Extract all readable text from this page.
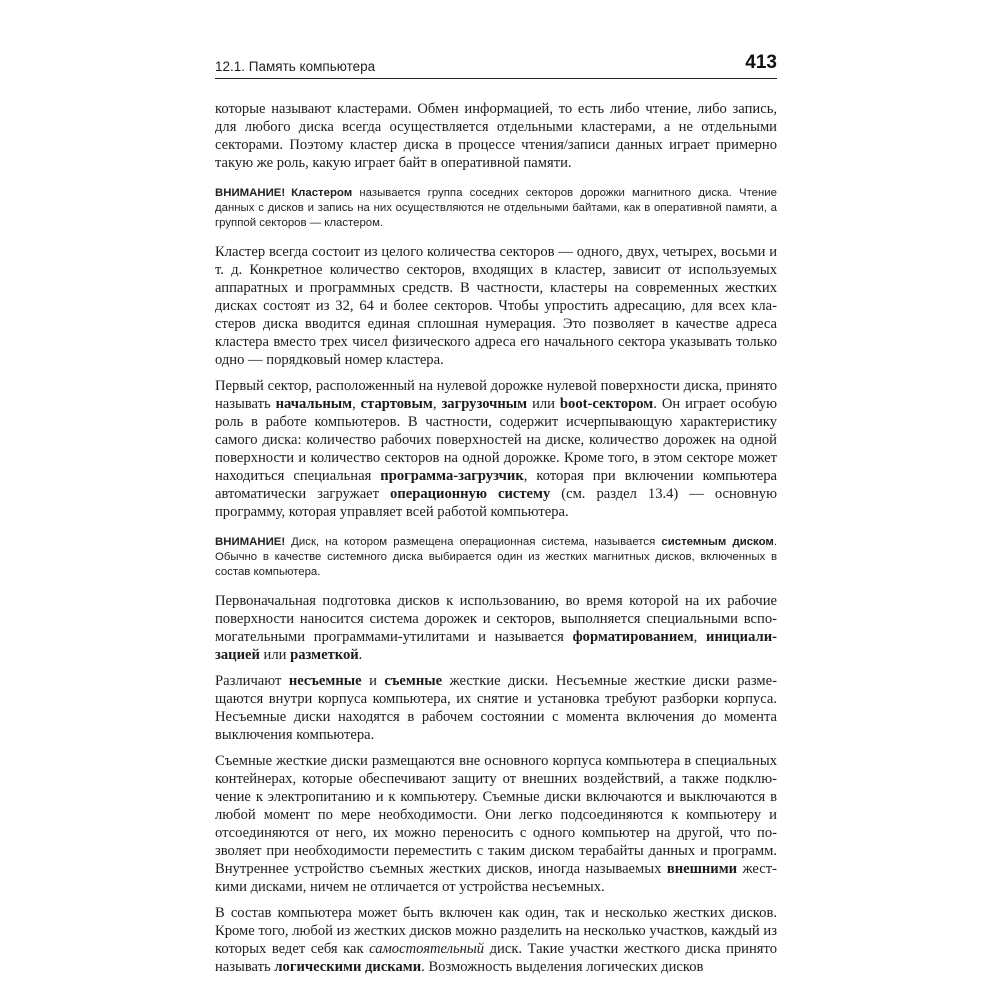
12.1. Память компьютера	413

которые называют кластерами. Обмен информацией, то есть либо чтение, либо запись, для любого диска всегда осуществляется отдельными кластерами, а не отдельными секторами. Поэтому кластер диска в процессе чтения/записи данных играет примерно такую же роль, какую играет байт в оперативной памяти.

ВНИМАНИЕ! Кластером называется группа соседних секторов дорожки магнитного диска. Чтение данных с дисков и запись на них осуществляются не отдельными байтами, как в оперативной памяти, а группой секторов — кластером.

Кластер всегда состоит из целого количества секторов — одного, двух, четырех, восьми и т. д. Конкретное количество секторов, входящих в кластер, зависит от используемых аппаратных и программных средств. В частности, кластеры на современных жестких дисках состоят из 32, 64 и более секторов. Чтобы упростить адресацию, для всех кластеров диска вводится единая сплошная нумерация. Это позволяет в качестве адреса кластера вместо трех чисел физического адреса его начального сектора указывать только одно — порядковый номер кластера.

Первый сектор, расположенный на нулевой дорожке нулевой поверхности диска, принято называть начальным, стартовым, загрузочным или boot-сектором. Он играет особую роль в работе компьютеров. В частности, содержит исчерпывающую характеристику самого диска: количество рабочих поверхностей на диске, количество дорожек на одной поверхности и количество секторов на одной дорожке. Кроме того, в этом секторе может находиться специальная программа-загрузчик, которая при включении компьютера автоматически загружает операционную систему (см. раздел 13.4) — основную программу, которая управляет всей работой компьютера.

ВНИМАНИЕ! Диск, на котором размещена операционная система, называется системным диском. Обычно в качестве системного диска выбирается один из жестких магнитных дисков, включенных в состав компьютера.

Первоначальная подготовка дисков к использованию, во время которой на их рабочие поверхности наносится система дорожек и секторов, выполняется специальными вспомогательными программами-утилитами и называется форматированием, инициализацией или разметкой.

Различают несъемные и съемные жесткие диски. Несъемные жесткие диски размещаются внутри корпуса компьютера, их снятие и установка требуют разборки корпуса. Несъемные диски находятся в рабочем состоянии с момента включения до момента выключения компьютера.

Съемные жесткие диски размещаются вне основного корпуса компьютера в специальных контейнерах, которые обеспечивают защиту от внешних воздействий, а также подключение к электропитанию и к компьютеру. Съемные диски включаются и выключаются в любой момент по мере необходимости. Они легко подсоединяются к компьютеру и отсоединяются от него, их можно переносить с одного компьютер на другой, что позволяет при необходимости переместить с таким диском терабайты данных и программ. Внутреннее устройство съемных жестких дисков, иногда называемых внешними жесткими дисками, ничем не отличается от устройства несъемных.

В состав компьютера может быть включен как один, так и несколько жестких дисков. Кроме того, любой из жестких дисков можно разделить на несколько участков, каждый из которых ведет себя как самостоятельный диск. Такие участки жесткого диска принято называть логическими дисками. Возможность выделения логических дисков
